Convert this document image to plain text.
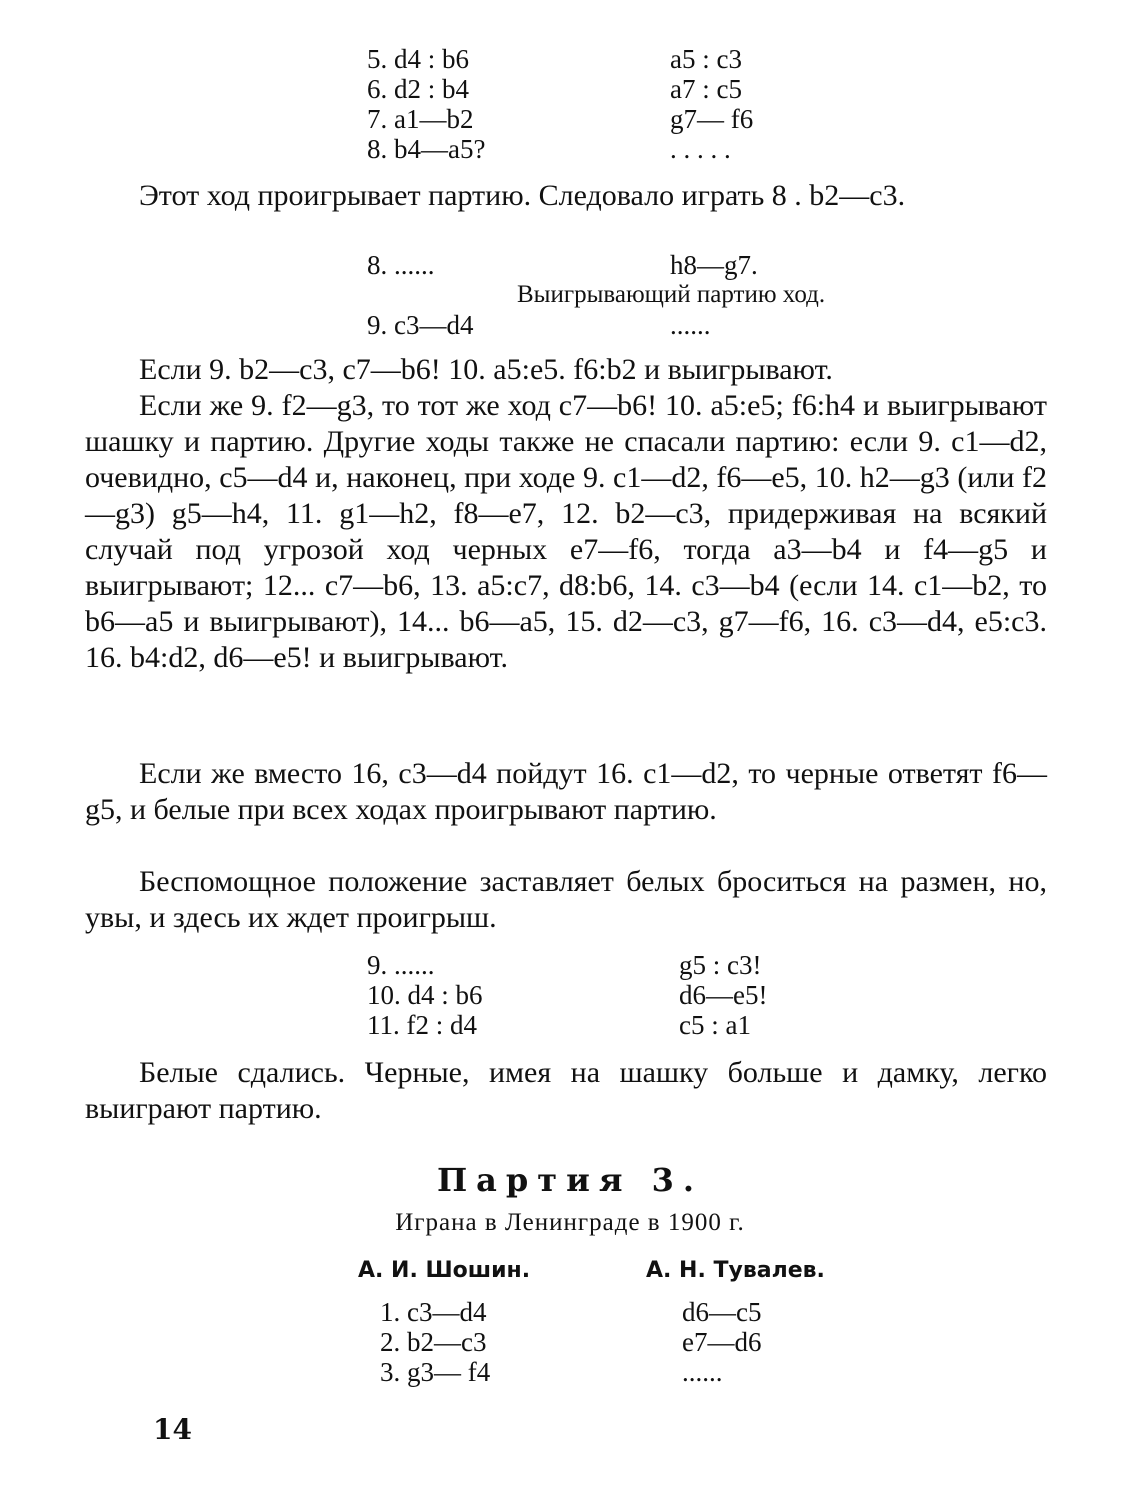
5. d4 : b6	a5 : c3
6. d2 : b4	a7 : c5
7. a1—b2	g7— f6
8. b4—a5?	. . . . .

Этот ход проигрывает партию. Следовало играть 8 . b2—c3.

8. ......	h8—g7.
Выигрывающий партию ход.
9. c3—d4	......

Если 9. b2—c3, c7—b6! 10. a5:e5. f6:b2 и выигрывают.
Если же 9. f2—g3, то тот же ход c7—b6! 10. a5:e5; f6:h4 и выигрывают шашку и партию. Другие ходы также не спасали партию: если 9. c1—d2, очевидно, c5—d4 и, наконец, при ходе 9. c1—d2, f6—e5, 10. h2—g3 (или f2—g3) g5—h4, 11. g1—h2, f8—e7, 12. b2—c3, придерживая на всякий случай под угрозой ход черных e7—f6, тогда a3—b4 и f4—g5 и выигрывают; 12... c7—b6, 13. a5:c7, d8:b6, 14. c3—b4 (если 14. c1—b2, то b6—a5 и выигрывают), 14... b6—a5, 15. d2—c3, g7—f6, 16. c3—d4, e5:c3. 16. b4:d2, d6—e5! и выигрывают.

Если же вместо 16, c3—d4 пойдут 16. c1—d2, то черные ответят f6—g5, и белые при всех ходах проигрывают партию.

Беспомощное положение заставляет белых броситься на размен, но, увы, и здесь их ждет проигрыш.

9. ......	g5 : c3!
10. d4 : b6	d6—e5!
11. f2 : d4	c5 : a1

Белые сдались. Черные, имея на шашку больше и дамку, легко выиграют партию.

Партия 3.
Играна в Ленинграде в 1900 г.
А. И. Шошин.	А. Н. Тувалев.
1. c3—d4	d6—c5
2. b2—c3	e7—d6
3. g3— f4	......
14
